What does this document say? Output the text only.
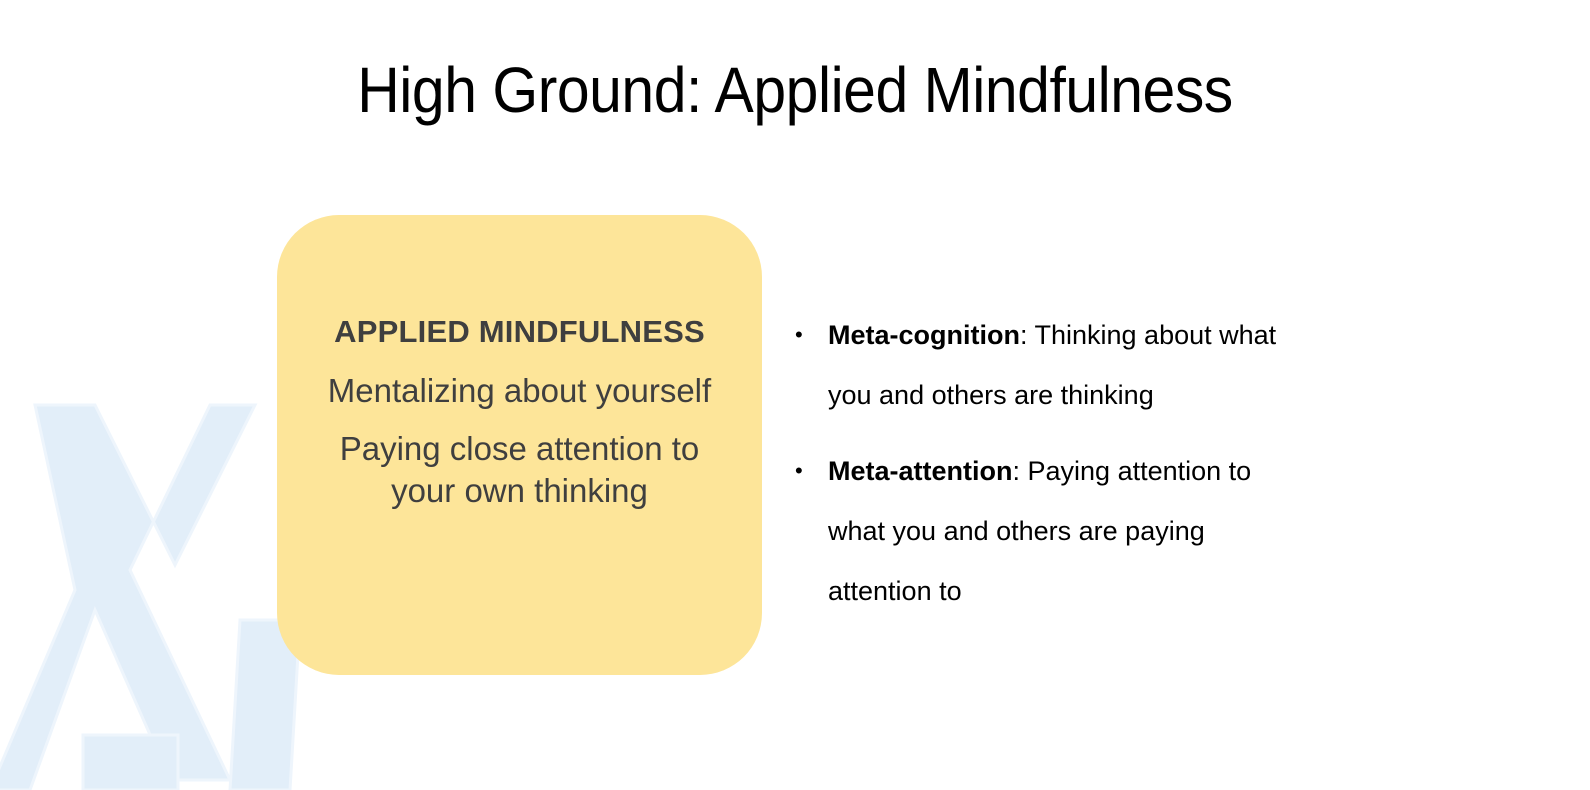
High Ground: Applied Mindfulness
APPLIED MINDFULNESS
Mentalizing about yourself
Paying close attention to your own thinking
• Meta-cognition: Thinking about what you and others are thinking
• Meta-attention: Paying attention to what you and others are paying attention to
